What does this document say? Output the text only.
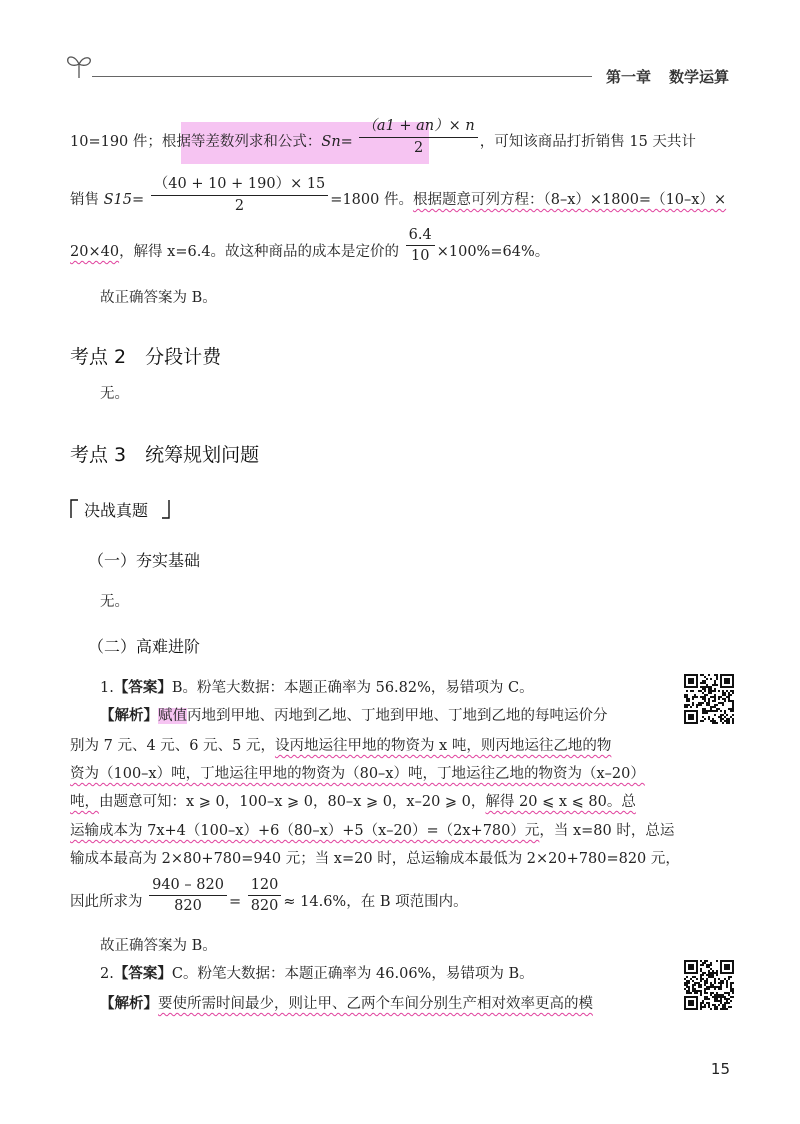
第一章 数学运算
10=190 件；根据等差数列求和公式：$Sn= \frac{(a1 + an)\times n}{2}$ ，可知该商品打折销售 15 天共计
销售 $S15= \frac{(40 + 10 + 190)\times 15}{2} =1800$ 件。根据题意可列方程：（8–x）×1800=（10–x）×
20×40，解得 x=6.4。故这种商品的成本是定价的 $\frac{6.4}{10} \times 100\%=64\%$。
故正确答案为 B。
考点 2　分段计费
无。
考点 3　统筹规划问题
决战真题
（一）夯实基础
无。
（二）高难进阶
1.【答案】B。粉笔大数据：本题正确率为 56.82%，易错项为 C。
【解析】赋值丙地到甲地、丙地到乙地、丁地到甲地、丁地到乙地的每吨运价分
别为 7 元、4 元、6 元、5 元，设丙地运往甲地的物资为 x 吨，则丙地运往乙地的物
资为（100–x）吨，丁地运往甲地的物资为（80–x）吨，丁地运往乙地的物资为（x–20）
吨，由题意可知：x ⩾ 0，100–x ⩾ 0，80–x ⩾ 0，x–20 ⩾ 0，解得 20 ⩽ x ⩽ 80。总
运输成本为 7x+4（100–x）+6（80–x）+5（x–20）=（2x+780）元，当 x=80 时，总运
输成本最高为 2×80+780=940 元；当 x=20 时，总运输成本最低为 2×20+780=820 元，
因此所求为 $\frac{940 - 820}{820} = \frac{120}{820} \approx 14.6\%$，在 B 项范围内。
故正确答案为 B。
2.【答案】C。粉笔大数据：本题正确率为 46.06%，易错项为 B。
【解析】要使所需时间最少，则让甲、乙两个车间分别生产相对效率更高的模
15
